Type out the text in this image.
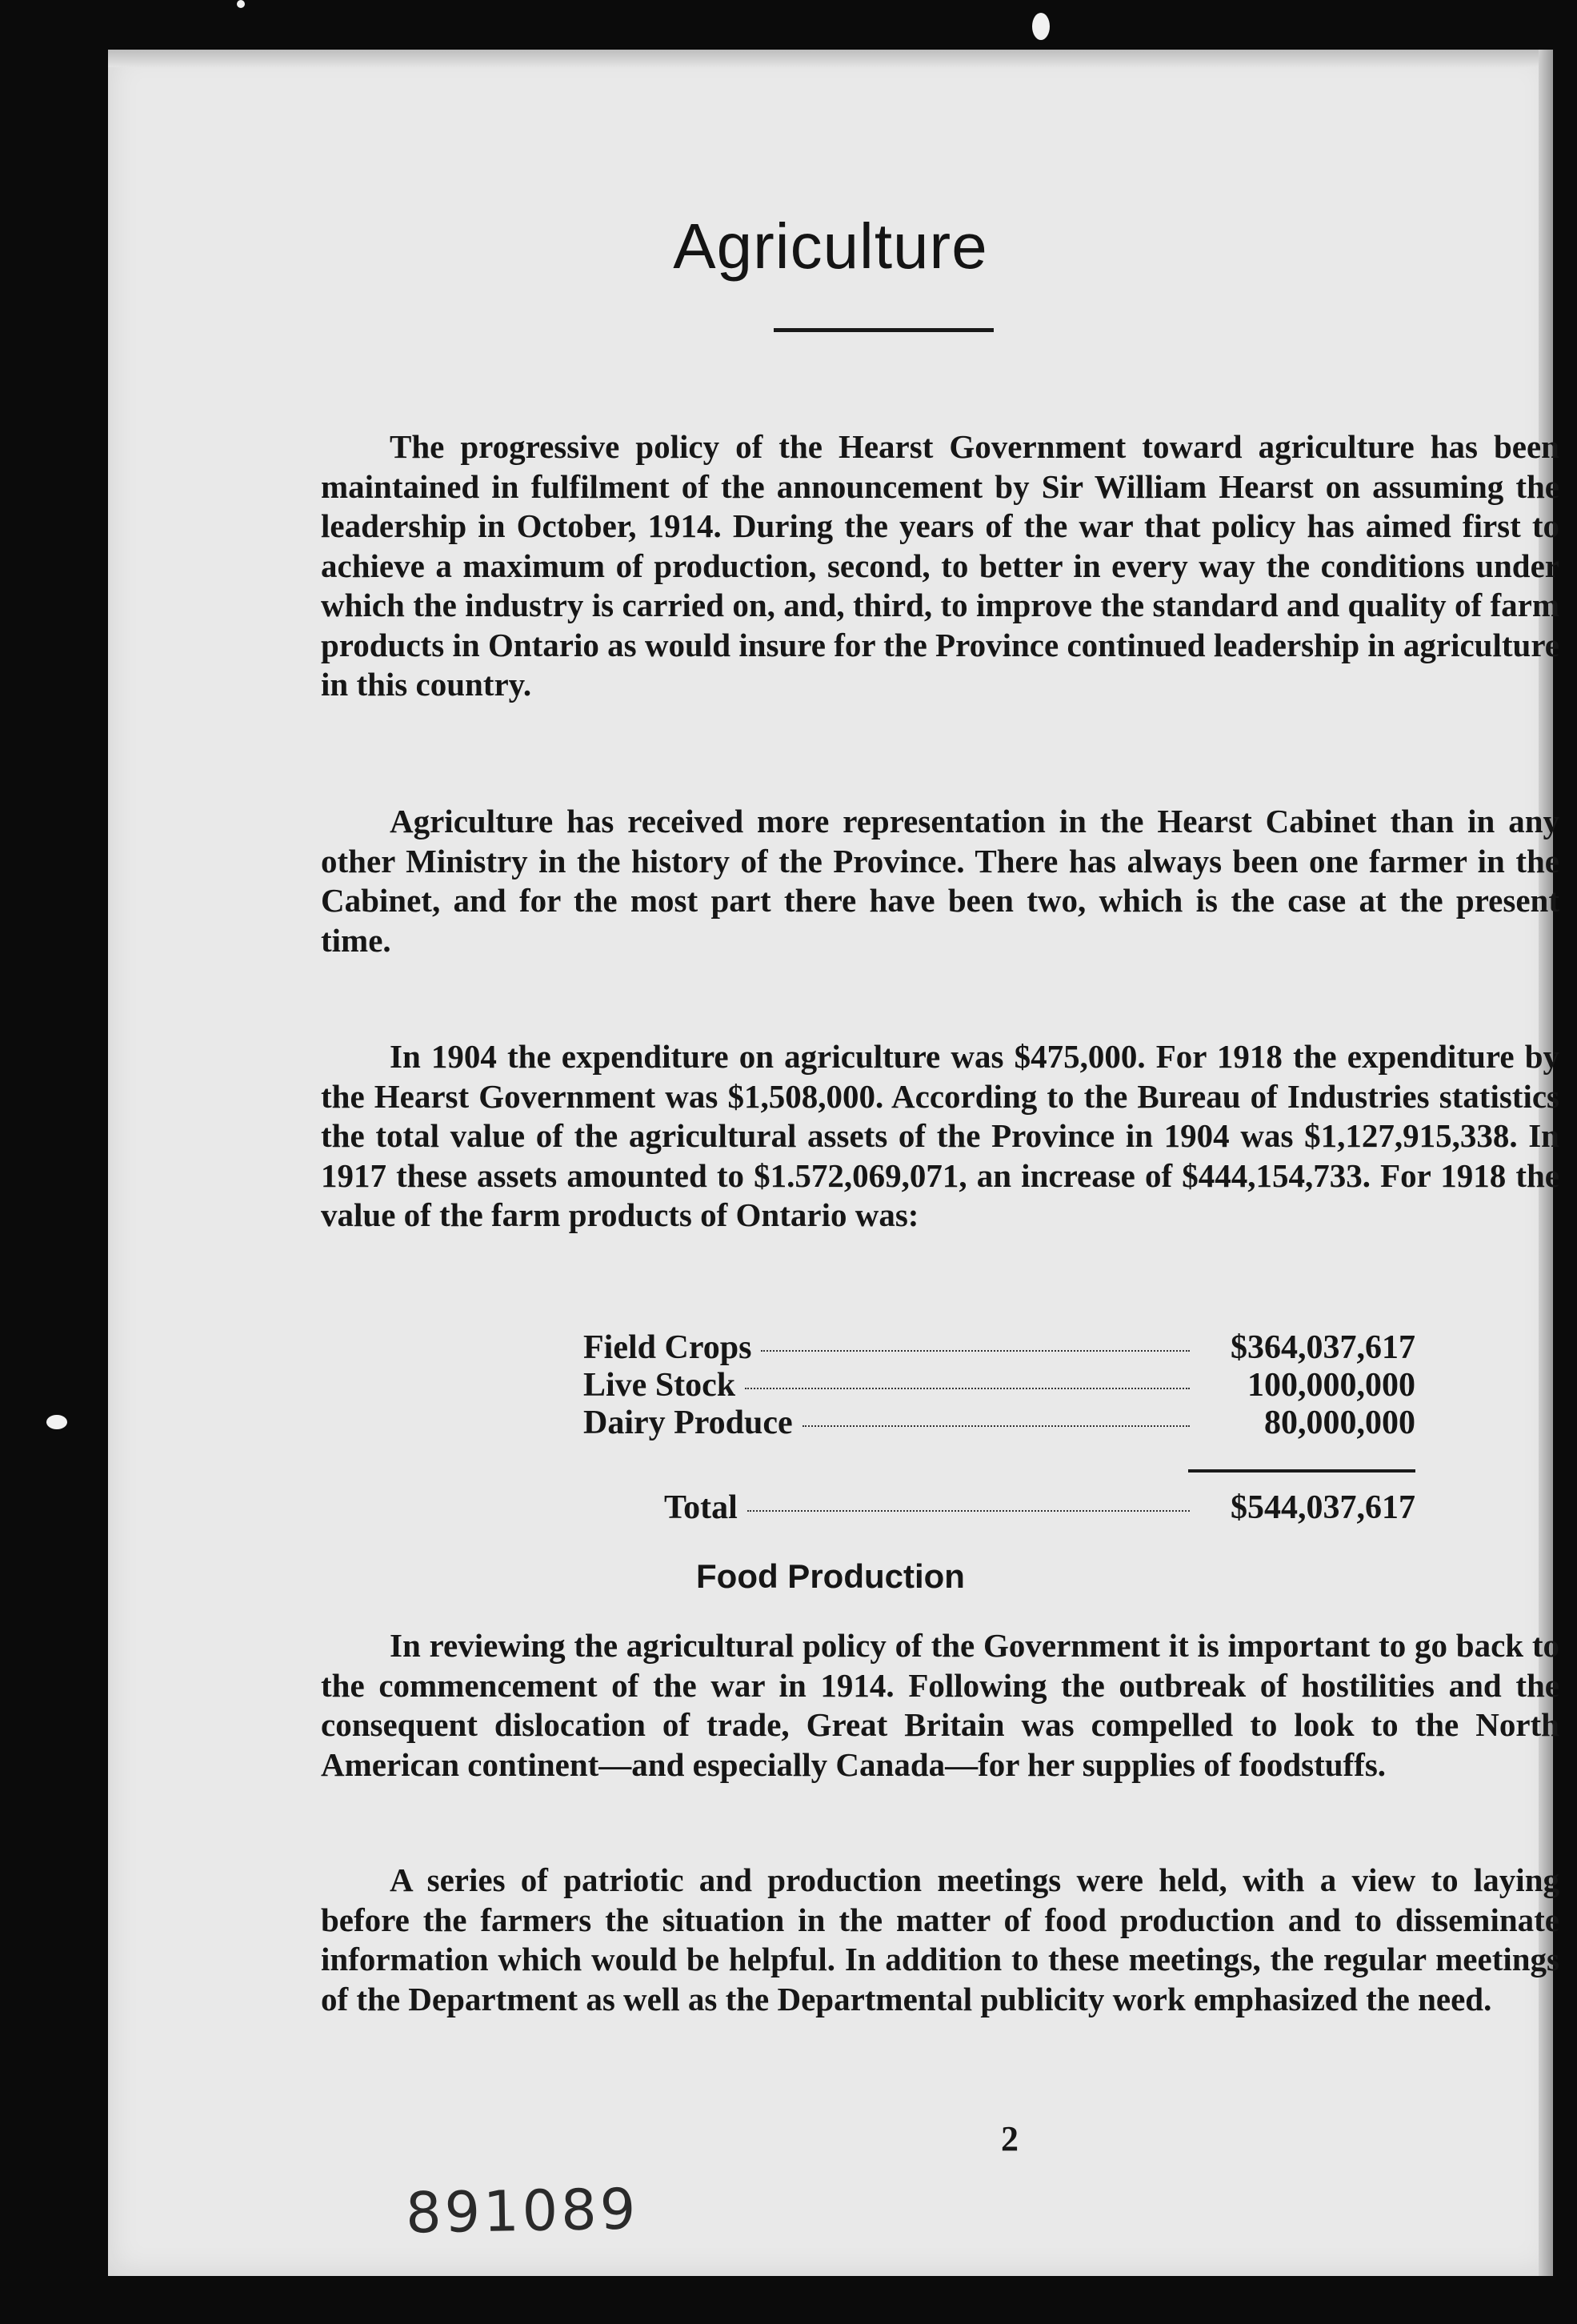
Agriculture

The progressive policy of the Hearst Government toward agriculture has been maintained in fulfilment of the announcement by Sir William Hearst on assuming the leadership in October, 1914. During the years of the war that policy has aimed first to achieve a maximum of production, second, to better in every way the conditions under which the industry is carried on, and, third, to improve the standard and quality of farm products in Ontario as would insure for the Province continued leadership in agriculture in this country.

Agriculture has received more representation in the Hearst Cabinet than in any other Ministry in the history of the Province. There has always been one farmer in the Cabinet, and for the most part there have been two, which is the case at the present time.

In 1904 the expenditure on agriculture was $475,000. For 1918 the expenditure by the Hearst Government was $1,508,000. According to the Bureau of Industries statistics the total value of the agricultural assets of the Province in 1904 was $1,127,915,338. In 1917 these assets amounted to $1.572,069,071, an increase of $444,154,733. For 1918 the value of the farm products of Ontario was:

Field Crops	$364,037,617
Live Stock	100,000,000
Dairy Produce	80,000,000
Total	$544,037,617
Food Production

In reviewing the agricultural policy of the Government it is important to go back to the commencement of the war in 1914. Following the outbreak of hostilities and the consequent dislocation of trade, Great Britain was compelled to look to the North American continent—and especially Canada—for her supplies of foodstuffs.

A series of patriotic and production meetings were held, with a view to laying before the farmers the situation in the matter of food production and to disseminate information which would be helpful. In addition to these meetings, the regular meetings of the Department as well as the Departmental publicity work emphasized the need.

2
891089
